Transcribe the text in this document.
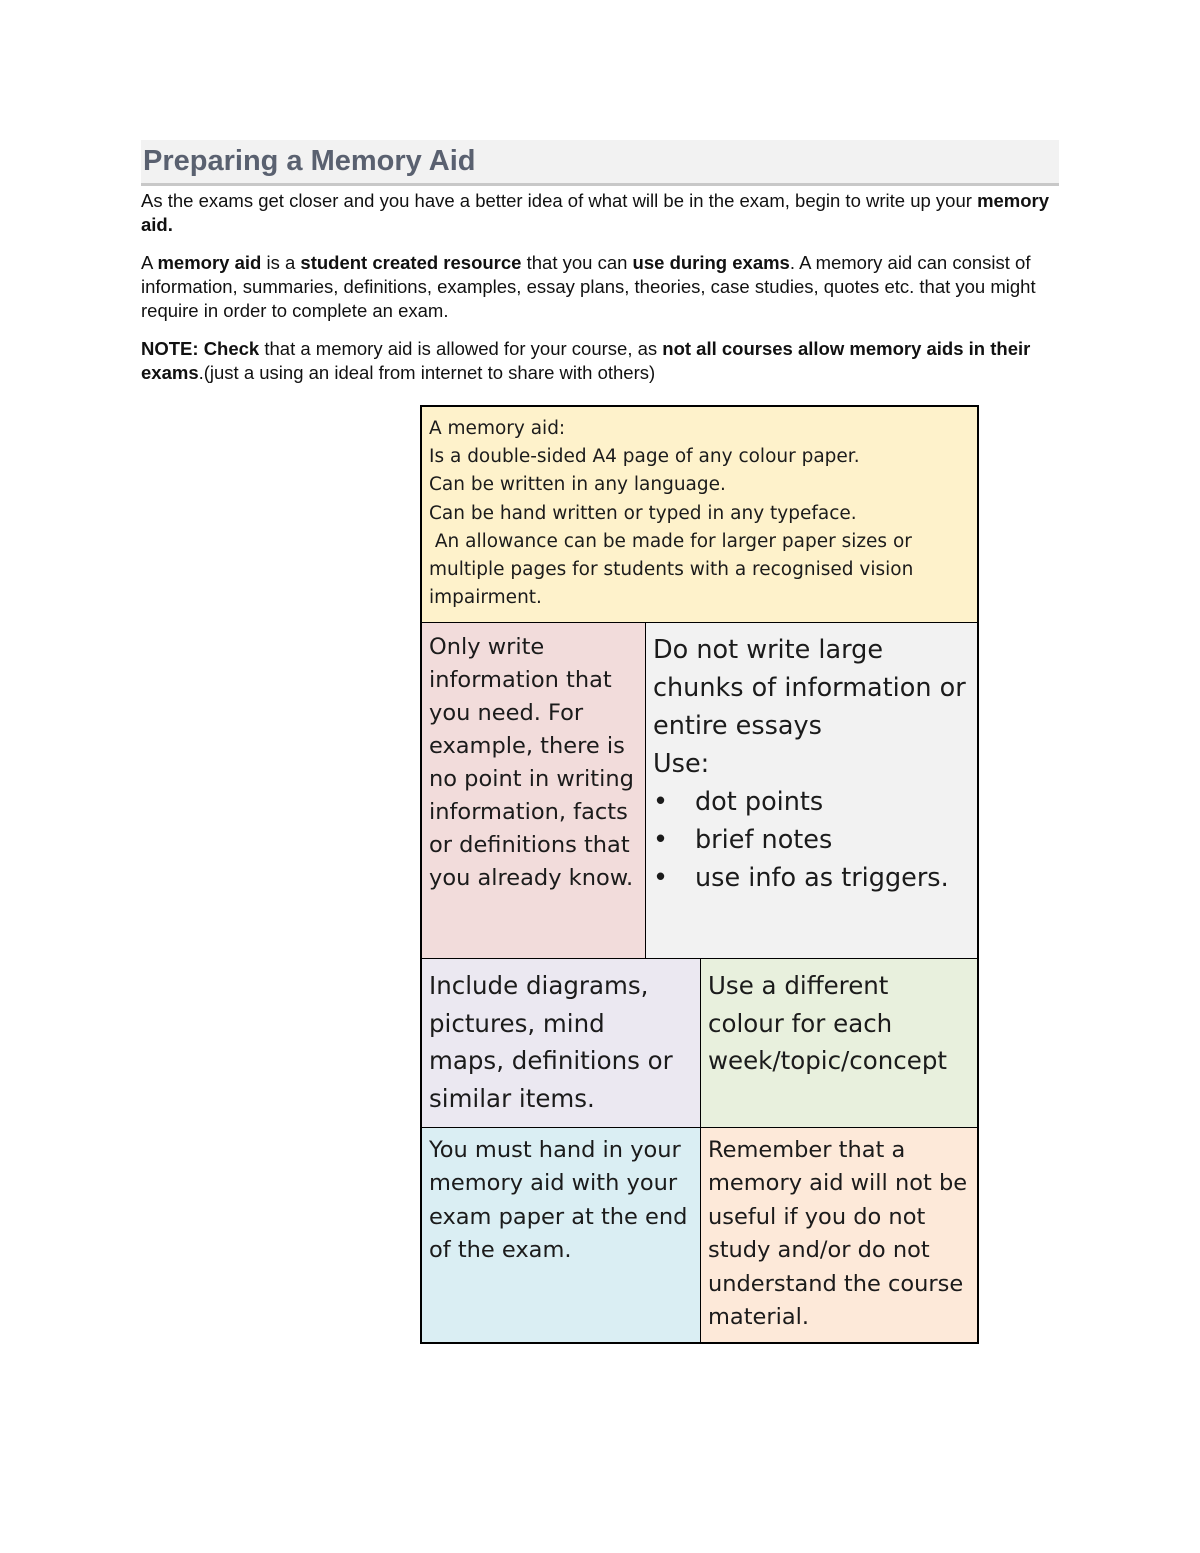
Preparing a Memory Aid

As the exams get closer and you have a better idea of what will be in the exam, begin to write up your memory aid.

A memory aid is a student created resource that you can use during exams. A memory aid can consist of information, summaries, definitions, examples, essay plans, theories, case studies, quotes etc. that you might require in order to complete an exam.

NOTE: Check that a memory aid is allowed for your course, as not all courses allow memory aids in their exams.(just a using an ideal from internet to share with others)

A memory aid:
Is a double-sided A4 page of any colour paper.
Can be written in any language.
Can be hand written or typed in any typeface.
An allowance can be made for larger paper sizes or
multiple pages for students with a recognised vision
impairment.
Only write
information that
you need. For
example, there is
no point in writing
information, facts
or definitions that
you already know.
Do not write large
chunks of information or
entire essays
Use:
•	dot points
•	brief notes
•	use info as triggers.
Include diagrams,
pictures, mind
maps, definitions or
similar items.
Use a different
colour for each
week/topic/concept
You must hand in your
memory aid with your
exam paper at the end
of the exam.
Remember that a
memory aid will not be
useful if you do not
study and/or do not
understand the course
material.
